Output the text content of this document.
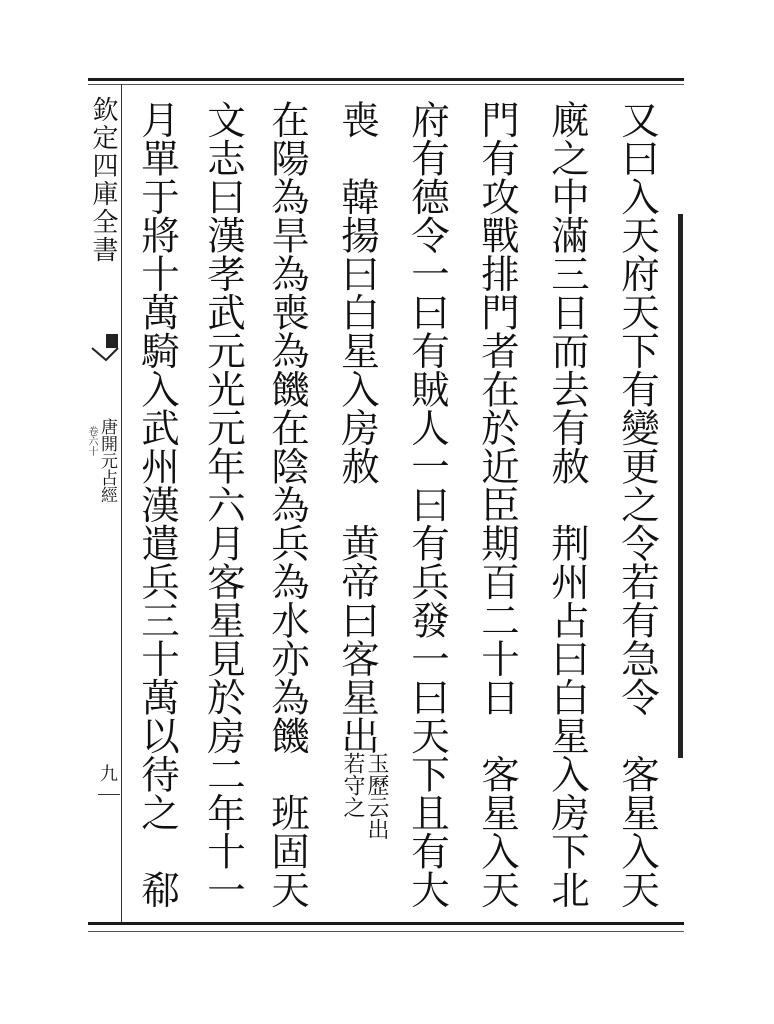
欽定四庫全書
唐開元占經
卷六十
九	又曰入天府天下有變更之令若有急令　客星入天
廐之中滿三日而去有赦　荆州占曰白星入房下北
門有攻戰排門者在於近臣期百二十日　客星入天
府有德令一曰有賊人一曰有兵發一曰天下且有大
喪　韓揚曰白星入房赦　黄帝曰客星出
在陽為旱為喪為饑在陰為兵為水亦為饑　班固天
文志曰漢孝武元光元年六月客星見於房二年十一
月單于將十萬騎入武州漢遣兵三十萬以待之　郗	玉歷云出
若守之
